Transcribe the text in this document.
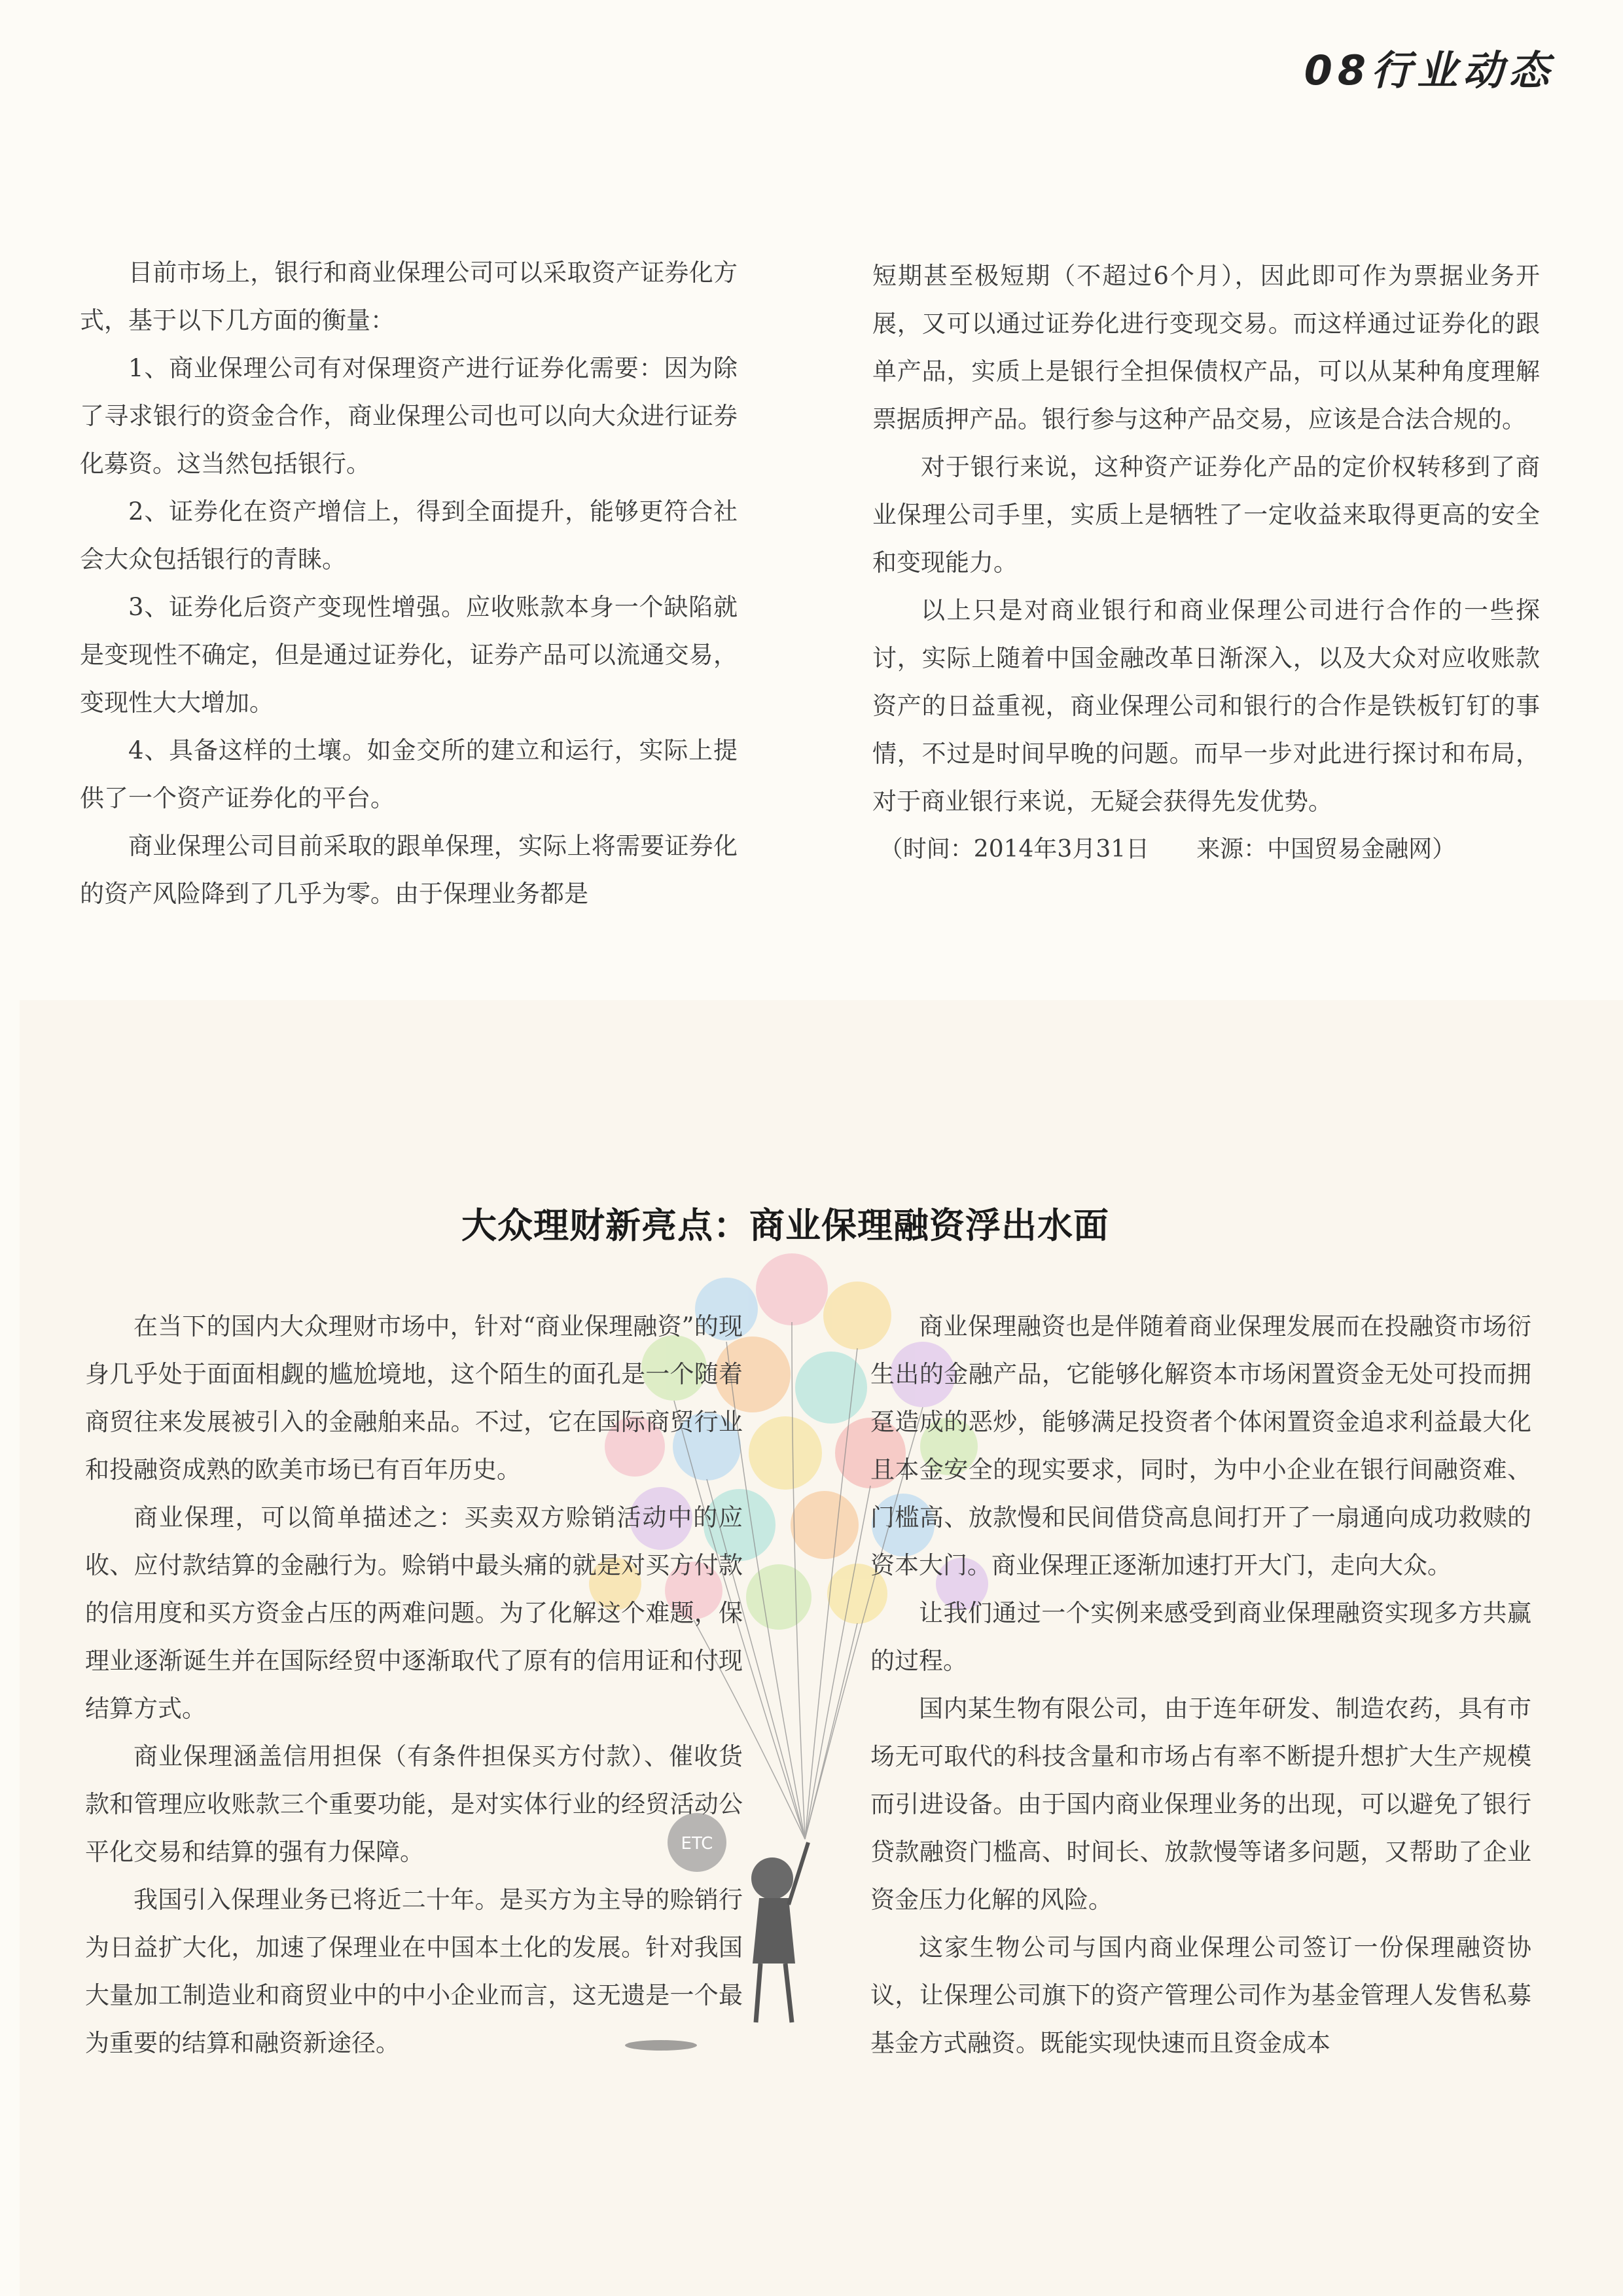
08行业动态

目前市场上，银行和商业保理公司可以采取资产证券化方式，基于以下几方面的衡量：

1、商业保理公司有对保理资产进行证券化需要：因为除了寻求银行的资金合作，商业保理公司也可以向大众进行证券化募资。这当然包括银行。

2、证券化在资产增信上，得到全面提升，能够更符合社会大众包括银行的青睐。

3、证券化后资产变现性增强。应收账款本身一个缺陷就是变现性不确定，但是通过证券化，证券产品可以流通交易，变现性大大增加。

4、具备这样的土壤。如金交所的建立和运行，实际上提供了一个资产证券化的平台。

商业保理公司目前采取的跟单保理，实际上将需要证券化的资产风险降到了几乎为零。由于保理业务都是

短期甚至极短期（不超过6个月），因此即可作为票据业务开展，又可以通过证券化进行变现交易。而这样通过证券化的跟单产品，实质上是银行全担保债权产品，可以从某种角度理解票据质押产品。银行参与这种产品交易，应该是合法合规的。

对于银行来说，这种资产证券化产品的定价权转移到了商业保理公司手里，实质上是牺牲了一定收益来取得更高的安全和变现能力。

以上只是对商业银行和商业保理公司进行合作的一些探讨，实际上随着中国金融改革日渐深入，以及大众对应收账款资产的日益重视，商业保理公司和银行的合作是铁板钉钉的事情，不过是时间早晚的问题。而早一步对此进行探讨和布局，对于商业银行来说，无疑会获得先发优势。

（时间：2014年3月31日　　来源：中国贸易金融网）

大众理财新亮点：商业保理融资浮出水面
ETC

在当下的国内大众理财市场中，针对“商业保理融资”的现身几乎处于面面相觑的尴尬境地，这个陌生的面孔是一个随着商贸往来发展被引入的金融舶来品。不过，它在国际商贸行业和投融资成熟的欧美市场已有百年历史。

商业保理，可以简单描述之：买卖双方赊销活动中的应收、应付款结算的金融行为。赊销中最头痛的就是对买方付款的信用度和买方资金占压的两难问题。为了化解这个难题，保理业逐渐诞生并在国际经贸中逐渐取代了原有的信用证和付现结算方式。

商业保理涵盖信用担保（有条件担保买方付款）、催收货款和管理应收账款三个重要功能，是对实体行业的经贸活动公平化交易和结算的强有力保障。

我国引入保理业务已将近二十年。是买方为主导的赊销行为日益扩大化，加速了保理业在中国本土化的发展。针对我国大量加工制造业和商贸业中的中小企业而言，这无遗是一个最为重要的结算和融资新途径。

商业保理融资也是伴随着商业保理发展而在投融资市场衍生出的金融产品，它能够化解资本市场闲置资金无处可投而拥趸造成的恶炒，能够满足投资者个体闲置资金追求利益最大化且本金安全的现实要求，同时，为中小企业在银行间融资难、门槛高、放款慢和民间借贷高息间打开了一扇通向成功救赎的资本大门。商业保理正逐渐加速打开大门，走向大众。

让我们通过一个实例来感受到商业保理融资实现多方共赢的过程。

国内某生物有限公司，由于连年研发、制造农药，具有市场无可取代的科技含量和市场占有率不断提升想扩大生产规模而引进设备。由于国内商业保理业务的出现，可以避免了银行贷款融资门槛高、时间长、放款慢等诸多问题，又帮助了企业资金压力化解的风险。

这家生物公司与国内商业保理公司签订一份保理融资协议，让保理公司旗下的资产管理公司作为基金管理人发售私募基金方式融资。既能实现快速而且资金成本
